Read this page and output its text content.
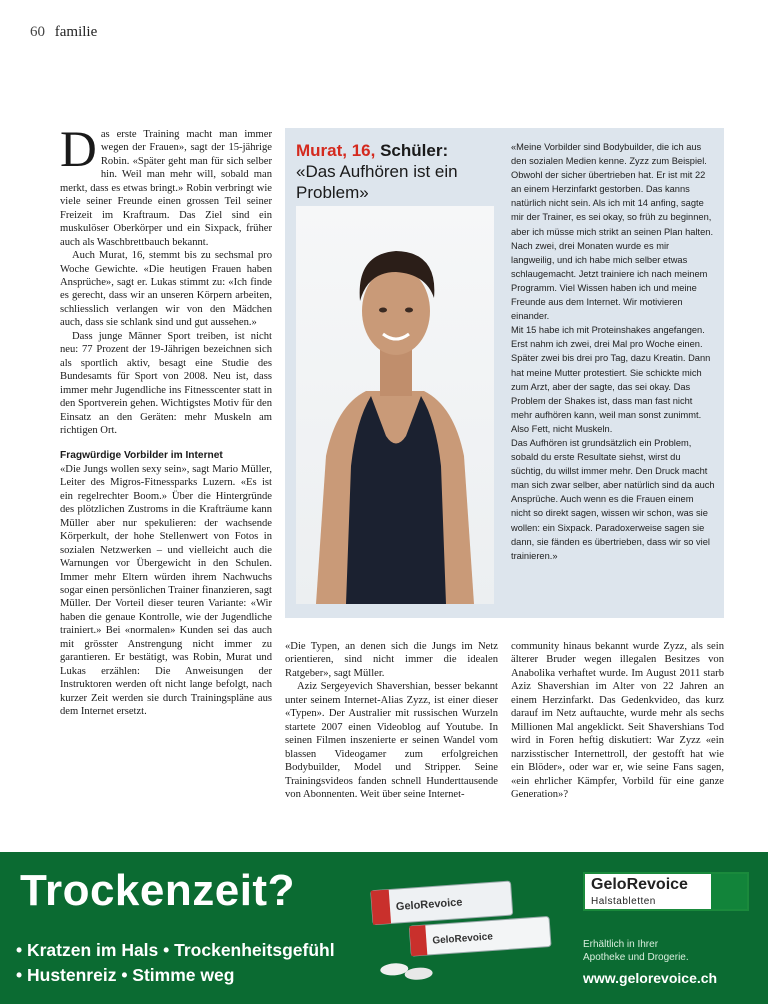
60 familie
D as erste Training macht man immer wegen der Frauen», sagt der 15-jährige Robin. «Später geht man für sich selber hin. Weil man mehr will, sobald man merkt, dass es etwas bringt.» Robin verbringt wie viele seiner Freunde einen grossen Teil seiner Freizeit im Kraftraum. Das Ziel sind ein muskulöser Oberkörper und ein Sixpack, früher auch als Waschbrettbauch bekannt.

Auch Murat, 16, stemmt bis zu sechsmal pro Woche Gewichte. «Die heutigen Frauen haben Ansprüche», sagt er. Lukas stimmt zu: «Ich finde es gerecht, dass wir an unseren Körpern arbeiten, schliesslich verlangen wir von den Mädchen auch, dass sie schlank sind und gut aussehen.»

Dass junge Männer Sport treiben, ist nicht neu: 77 Prozent der 19-Jährigen bezeichnen sich als sportlich aktiv, besagt eine Studie des Bundesamts für Sport von 2008. Neu ist, dass immer mehr Jugendliche ins Fitnesscenter statt in den Sportverein gehen. Wichtigstes Motiv für den Einsatz an den Geräten: mehr Muskeln am richtigen Ort.

Fragwürdige Vorbilder im Internet

«Die Jungs wollen sexy sein», sagt Mario Müller, Leiter des Migros-Fitnessparks Luzern. «Es ist ein regelrechter Boom.» Über die Hintergründe des plötzlichen Zustroms in die Krafträume kann Müller aber nur spekulieren: der wachsende Körperkult, der hohe Stellenwert von Fotos in sozialen Netzwerken – und vielleicht auch die Warnungen vor Übergewicht in den Schulen. Immer mehr Eltern würden ihrem Nachwuchs sogar einen persönlichen Trainer finanzieren, sagt Müller. Der Vorteil dieser teuren Variante: «Wir haben die genaue Kontrolle, wie der Jugendliche trainiert.» Bei «normalen» Kunden sei das auch mit grösster Anstrengung nicht immer zu garantieren. Er bestätigt, was Robin, Murat und Lukas erzählen: Die Anweisungen der Instruktoren werden oft nicht lange befolgt, nach kurzer Zeit werden sie durch Trainingspläne aus dem Internet ersetzt.

Murat, 16, Schüler:
«Das Aufhören ist ein Problem»

«Meine Vorbilder sind Bodybuilder, die ich aus den sozialen Medien kenne. Zyzz zum Beispiel. Obwohl der sicher übertrieben hat. Er ist mit 22 an einem Herzinfarkt gestorben. Das kanns natürlich nicht sein. Als ich mit 14 anfing, sagte mir der Trainer, es sei okay, so früh zu beginnen, aber ich müsse mich strikt an seinen Plan halten. Nach zwei, drei Monaten wurde es mir langweilig, und ich habe mich selber etwas schlaugemacht. Jetzt trainiere ich nach meinem Programm. Viel Wissen haben ich und meine Freunde aus dem Internet. Wir motivieren einander.

Mit 15 habe ich mit Proteinshakes angefangen. Erst nahm ich zwei, drei Mal pro Woche einen. Später zwei bis drei pro Tag, dazu Kreatin. Dann hat meine Mutter protestiert. Sie schickte mich zum Arzt, aber der sagte, das sei okay. Das Problem der Shakes ist, dass man fast nicht mehr aufhören kann, weil man sonst zunimmt. Also Fett, nicht Muskeln.

Das Aufhören ist grundsätzlich ein Problem, sobald du erste Resultate siehst, wirst du süchtig, du willst immer mehr. Den Druck macht man sich zwar selber, aber natürlich sind da auch Ansprüche. Auch wenn es die Frauen einem nicht so direkt sagen, wissen wir schon, was sie wollen: ein Sixpack. Paradoxerweise sagen sie dann, sie fänden es übertrieben, dass wir so viel trainieren.»

«Die Typen, an denen sich die Jungs im Netz orientieren, sind nicht immer die idealen Ratgeber», sagt Müller.

Aziz Sergeyevich Shavershian, besser bekannt unter seinem Internet-Alias Zyzz, ist einer dieser «Typen». Der Australier mit russischen Wurzeln startete 2007 einen Videoblog auf Youtube. In seinen Filmen inszenierte er seinen Wandel vom blassen Videogamer zum erfolgreichen Bodybuilder, Model und Stripper. Seine Trainingsvideos fanden schnell Hunderttausende von Abonnenten. Weit über seine Internet-

community hinaus bekannt wurde Zyzz, als sein älterer Bruder wegen illegalen Besitzes von Anabolika verhaftet wurde. Im August 2011 starb Aziz Shavershian im Alter von 22 Jahren an einem Herzinfarkt. Das Gedenkvideo, das kurz darauf im Netz auftauchte, wurde mehr als sechs Millionen Mal angeklickt. Seit Shavershians Tod wird in Foren heftig diskutiert: War Zyzz «ein narzisstischer Internettroll, der gestofft hat wie ein Blöder», oder war er, wie seine Fans sagen, «ein ehrlicher Kämpfer, Vorbild für eine ganze Generation»?

Trockenzeit?
• Kratzen im Hals • Trockenheitsgefühl
• Hustenreiz • Stimme weg
GeloRevoice
GeloRevoice
GeloRevoice
Halstabletten
Erhältlich in Ihrer
Apotheke und Drogerie.
www.gelorevoice.ch
